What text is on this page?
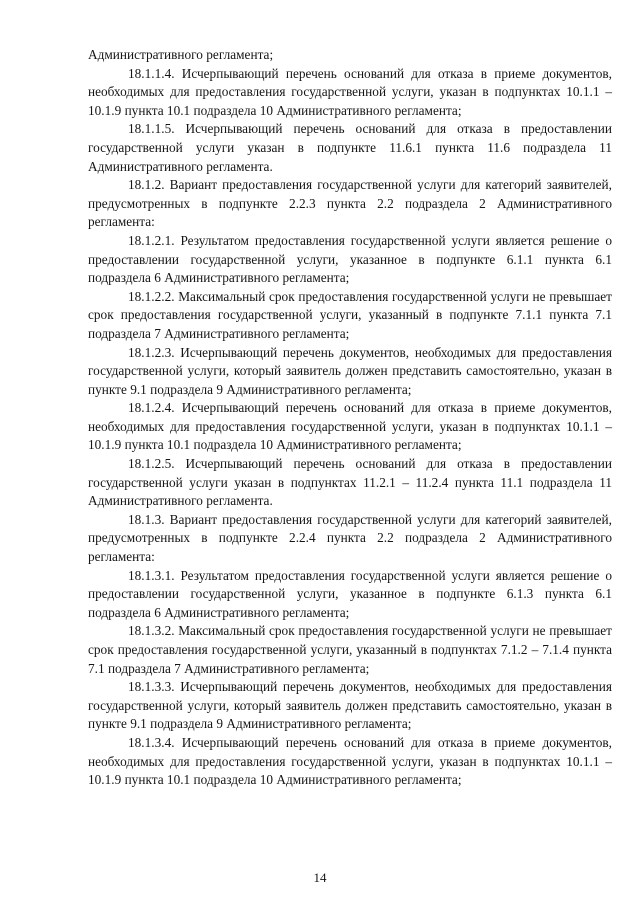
Административного регламента;

18.1.1.4. Исчерпывающий перечень оснований для отказа в приеме документов, необходимых для предоставления государственной услуги, указан в подпунктах 10.1.1 – 10.1.9 пункта 10.1 подраздела 10 Административного регламента;

18.1.1.5. Исчерпывающий перечень оснований для отказа в предоставлении государственной услуги указан в подпункте 11.6.1 пункта 11.6 подраздела 11 Административного регламента.

18.1.2. Вариант предоставления государственной услуги для категорий заявителей, предусмотренных в подпункте 2.2.3 пункта 2.2 подраздела 2 Административного регламента:

18.1.2.1. Результатом предоставления государственной услуги является решение о предоставлении государственной услуги, указанное в подпункте 6.1.1 пункта 6.1 подраздела 6 Административного регламента;

18.1.2.2. Максимальный срок предоставления государственной услуги не превышает срок предоставления государственной услуги, указанный в подпункте 7.1.1 пункта 7.1 подраздела 7 Административного регламента;

18.1.2.3. Исчерпывающий перечень документов, необходимых для предоставления государственной услуги, который заявитель должен представить самостоятельно, указан в пункте 9.1 подраздела 9 Административного регламента;

18.1.2.4. Исчерпывающий перечень оснований для отказа в приеме документов, необходимых для предоставления государственной услуги, указан в подпунктах 10.1.1 – 10.1.9 пункта 10.1 подраздела 10 Административного регламента;

18.1.2.5. Исчерпывающий перечень оснований для отказа в предоставлении государственной услуги указан в подпунктах 11.2.1 – 11.2.4 пункта 11.1 подраздела 11 Административного регламента.

18.1.3. Вариант предоставления государственной услуги для категорий заявителей, предусмотренных в подпункте 2.2.4 пункта 2.2 подраздела 2 Административного регламента:

18.1.3.1. Результатом предоставления государственной услуги является решение о предоставлении государственной услуги, указанное в подпункте 6.1.3 пункта 6.1 подраздела 6 Административного регламента;

18.1.3.2. Максимальный срок предоставления государственной услуги не превышает срок предоставления государственной услуги, указанный в подпунктах 7.1.2 – 7.1.4 пункта 7.1 подраздела 7 Административного регламента;

18.1.3.3. Исчерпывающий перечень документов, необходимых для предоставления государственной услуги, который заявитель должен представить самостоятельно, указан в пункте 9.1 подраздела 9 Административного регламента;

18.1.3.4. Исчерпывающий перечень оснований для отказа в приеме документов, необходимых для предоставления государственной услуги, указан в подпунктах 10.1.1 – 10.1.9 пункта 10.1 подраздела 10 Административного регламента;

14
